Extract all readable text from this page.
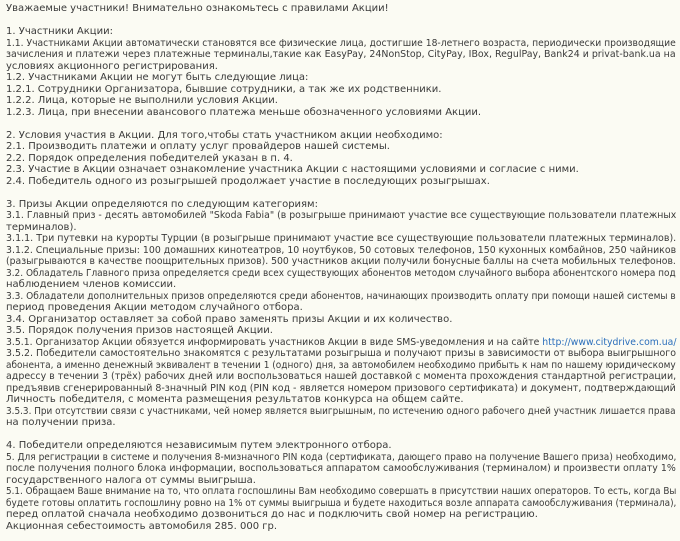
Уважаемые участники! Внимательно ознакомьтесь с правилами Акции!
1. Участники Акции:
1.1. Участниками Акции автоматически становятся все физические лица, достигшие 18-летнего возраста, периодически производящие
зачисления и платежи через платежные терминалы,такие как EasyPay, 24NonStop, CityPay, IBox, RegulPay, Bank24 и privat-bank.ua на
условиях акционного регистрирования.
1.2. Участниками Акции не могут быть следующие лица:
1.2.1. Сотрудники Организатора, бывшие сотрудники, а так же их родственники.
1.2.2. Лица, которые не выполнили условия Акции.
1.2.3. Лица, при внесении авансового платежа меньше обозначенного условиями Акции.
2. Условия участия в Акции. Для того,чтобы стать участником акции необходимо:
2.1. Производить платежи и оплату услуг провайдеров нашей системы.
2.2. Порядок определения победителей указан в п. 4.
2.3. Участие в Акции означает ознакомление участника Акции с настоящими условиями и согласие с ними.
2.4. Победитель одного из розыгрышей продолжает участие в последующих розыгрышах.
3. Призы Акции определяются по следующим категориям:
3.1. Главный приз - десять автомобилей "Skoda Fabia" (в розыгрыше принимают участие все существующие пользователи платежных
терминалов).
3.1.1. Три путевки на курорты Турции (в розыгрыше принимают участие все существующие пользователи платежных терминалов).
3.1.2. Специальные призы: 100 домашних кинотеатров, 10 ноутбуков, 50 сотовых телефонов, 150 кухонных комбайнов, 250 чайников
(разыгрываются в качестве поощрительных призов). 500 участников акции получили бонусные баллы на счета мобильных телефонов.
3.2. Обладатель Главного приза определяется среди всех существующих абонентов методом случайного выбора абонентского номера под
наблюдением членов комиссии.
3.3. Обладатели дополнительных призов определяются среди абонентов, начинающих производить оплату при помощи нашей системы в
период проведения Акции методом случайного отбора.
3.4. Организатор оставляет за собой право заменять призы Акции и их количество.
3.5. Порядок получения призов настоящей Акции.
3.5.1. Организатор Акции обязуется информировать участников Акции в виде SMS-уведомления и на сайте http://www.citydrive.com.ua/
3.5.2. Победители самостоятельно знакомятся с результатами розыгрыша и получают призы в зависимости от выбора выигрышного
абонента, а именно денежный эквивалент в течении 1 (одного) дня, за автомобилем необходимо прибыть к нам по нашему юридическому
адрессу в течении 3 (трёх) рабочих дней или воспользоваться нашей доставкой с момента прохождения стандартной регистрации,
предъявив сгенерированный 8-значный PIN код (PIN код - является номером призового сертификата) и документ, подтверждающий
Личность победителя, с момента размещения результатов конкурса на общем сайте.
3.5.3. При отсутствии связи с участниками, чей номер является выигрышным, по истечению одного рабочего дней участник лишается права
на получении приза.
4. Победители определяются независимым путем электронного отбора.
5. Для регистрации в системе и получения 8-мизначного PIN кода (сертификата, дающего право на получение Вашего приза) необходимо,
после получения полного блока информации, воспользоваться аппаратом самообслуживания (терминалом) и произвести оплату 1%
государственного налога от суммы выигрыша.
5.1. Обращаем Ваше внимание на то, что оплата госпошлины Вам необходимо совершать в присутствии наших операторов. То есть, когда Вы
будете готовы оплатить госпошлину ровно на 1% от суммы выигрыша и будете находиться возле аппарата самообслуживания (терминала),
перед оплатой сначала необходимо дозвониться до нас и подключить свой номер на регистрацию.
Акционная себестоимость автомобиля 285. 000 гр.
